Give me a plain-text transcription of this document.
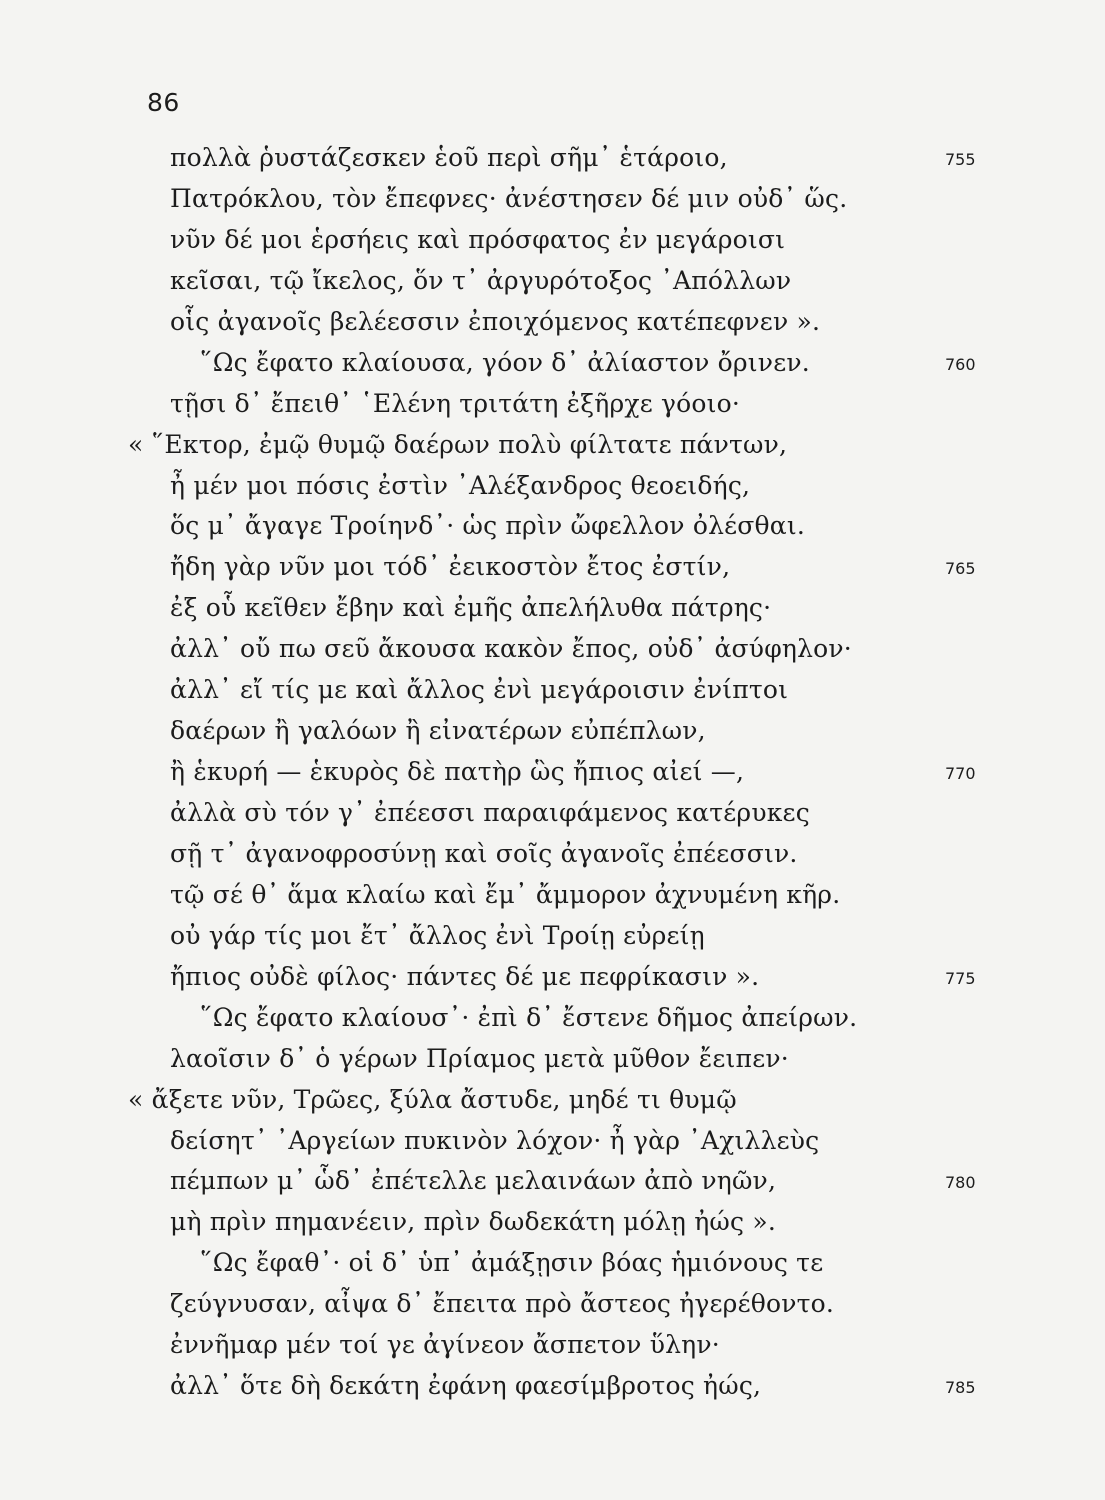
86
πολλὰ ῥυστάζεσκεν ἑοῦ περὶ σῆμ᾽ ἑτάροιο,	755
Πατρόκλου, τὸν ἔπεφνες· ἀνέστησεν δέ μιν οὐδ᾽ ὥς.
νῦν δέ μοι ἑρσήεις καὶ πρόσφατος ἐν μεγάροισι
κεῖσαι, τῷ ἴκελος, ὅν τ᾽ ἀργυρότοξος ᾽Απόλλων
οἷς ἀγανοῖς βελέεσσιν ἐποιχόμενος κατέπεφνεν ».
῞Ως ἔφατο κλαίουσα, γόον δ᾽ ἀλίαστον ὄρινεν.	760
τῇσι δ᾽ ἔπειθ᾽ ῾Ελένη τριτάτη ἐξῆρχε γόοιο·
« ῞Εκτορ, ἐμῷ θυμῷ δαέρων πολὺ φίλτατε πάντων,
ἦ μέν μοι πόσις ἐστὶν ᾽Αλέξανδρος θεοειδής,
ὅς μ᾽ ἄγαγε Τροίηνδ᾽· ὡς πρὶν ὤφελλον ὀλέσθαι.
ἤδη γὰρ νῦν μοι τόδ᾽ ἐεικοστὸν ἔτος ἐστίν,	765
ἐξ οὗ κεῖθεν ἔβην καὶ ἐμῆς ἀπελήλυθα πάτρης·
ἀλλ᾽ οὔ πω σεῦ ἄκουσα κακὸν ἔπος, οὐδ᾽ ἀσύφηλον·
ἀλλ᾽ εἴ τίς με καὶ ἄλλος ἐνὶ μεγάροισιν ἐνίπτοι
δαέρων ἢ γαλόων ἢ εἰνατέρων εὐπέπλων,
ἢ ἑκυρή — ἑκυρὸς δὲ πατὴρ ὣς ἤπιος αἰεί —,	770
ἀλλὰ σὺ τόν γ᾽ ἐπέεσσι παραιφάμενος κατέρυκες
σῇ τ᾽ ἀγανοφροσύνῃ καὶ σοῖς ἀγανοῖς ἐπέεσσιν.
τῷ σέ θ᾽ ἅμα κλαίω καὶ ἔμ᾽ ἄμμορον ἀχνυμένη κῆρ.
οὐ γάρ τίς μοι ἔτ᾽ ἄλλος ἐνὶ Τροίῃ εὐρείῃ
ἤπιος οὐδὲ φίλος· πάντες δέ με πεφρίκασιν ».	775
῞Ως ἔφατο κλαίουσ᾽· ἐπὶ δ᾽ ἔστενε δῆμος ἀπείρων.
λαοῖσιν δ᾽ ὁ γέρων Πρίαμος μετὰ μῦθον ἔειπεν·
« ἄξετε νῦν, Τρῶες, ξύλα ἄστυδε, μηδέ τι θυμῷ
δείσητ᾽ ᾽Αργείων πυκινὸν λόχον· ἦ γὰρ ᾽Αχιλλεὺς
πέμπων μ᾽ ὧδ᾽ ἐπέτελλε μελαινάων ἀπὸ νηῶν,	780
μὴ πρὶν πημανέειν, πρὶν δωδεκάτη μόλῃ ἠώς ».
῞Ως ἔφαθ᾽· οἱ δ᾽ ὑπ᾽ ἀμάξῃσιν βόας ἡμιόνους τε
ζεύγνυσαν, αἶψα δ᾽ ἔπειτα πρὸ ἄστεος ἠγερέθοντο.
ἐννῆμαρ μέν τοί γε ἀγίνεον ἄσπετον ὕλην·
ἀλλ᾽ ὅτε δὴ δεκάτη ἐφάνη φαεσίμβροτος ἠώς,	785
